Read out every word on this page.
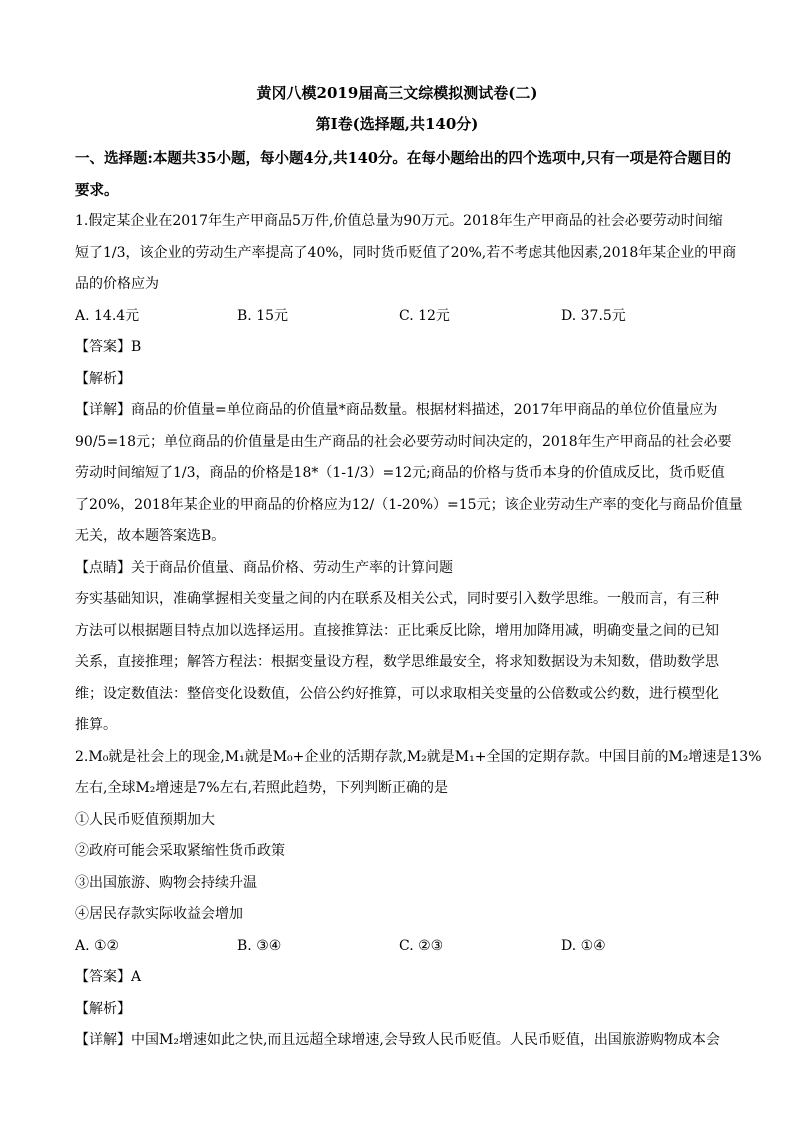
黄冈八模2019届高三文综模拟测试卷(二)
第Ⅰ卷(选择题,共140分)
一、选择题:本题共35小题，每小题4分,共140分。在每小题给出的四个选项中,只有一项是符合题目的
要求。
1.假定某企业在2017年生产甲商品5万件,价值总量为90万元。2018年生产甲商品的社会必要劳动时间缩
短了1/3，该企业的劳动生产率提高了40%，同时货币贬值了20%,若不考虑其他因素,2018年某企业的甲商
品的价格应为
A. 14.4元	B. 15元	C. 12元	D. 37.5元
【答案】B
【解析】
【详解】商品的价值量=单位商品的价值量*商品数量。根据材料描述，2017年甲商品的单位价值量应为
90/5=18元；单位商品的价值量是由生产商品的社会必要劳动时间决定的，2018年生产甲商品的社会必要
劳动时间缩短了1/3，商品的价格是18*（1-1/3）=12元;商品的价格与货币本身的价值成反比，货币贬值
了20%，2018年某企业的甲商品的价格应为12/（1-20%）=15元；该企业劳动生产率的变化与商品价值量
无关，故本题答案选B。
【点睛】关于商品价值量、商品价格、劳动生产率的计算问题
夯实基础知识，准确掌握相关变量之间的内在联系及相关公式，同时要引入数学思维。一般而言，有三种
方法可以根据题目特点加以选择运用。直接推算法：正比乘反比除，增用加降用减，明确变量之间的已知
关系，直接推理；解答方程法：根据变量设方程，数学思维最安全，将求知数据设为未知数，借助数学思
维；设定数值法：整倍变化设数值，公倍公约好推算，可以求取相关变量的公倍数或公约数，进行模型化
推算。
2.M₀就是社会上的现金,M₁就是M₀+企业的活期存款,M₂就是M₁+全国的定期存款。中国目前的M₂增速是13%
左右,全球M₂增速是7%左右,若照此趋势，下列判断正确的是
①人民币贬值预期加大
②政府可能会采取紧缩性货币政策
③出国旅游、购物会持续升温
④居民存款实际收益会增加
A. ①②	B. ③④	C. ②③	D. ①④
【答案】A
【解析】
【详解】中国M₂增速如此之快,而且远超全球增速,会导致人民币贬值。人民币贬值，出国旅游购物成本会
